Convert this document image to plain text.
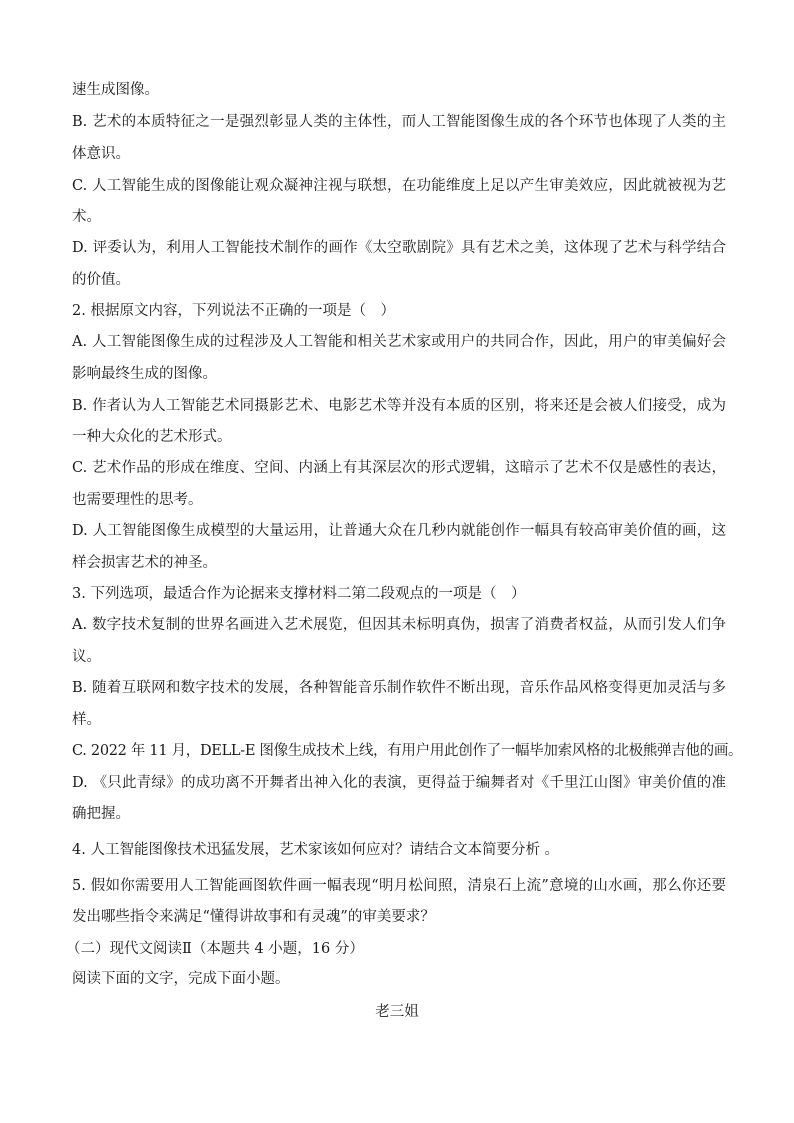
速生成图像。
B. 艺术的本质特征之一是强烈彰显人类的主体性，而人工智能图像生成的各个环节也体现了人类的主
体意识。
C. 人工智能生成的图像能让观众凝神注视与联想，在功能维度上足以产生审美效应，因此就被视为艺
术。
D. 评委认为，利用人工智能技术制作的画作《太空歌剧院》具有艺术之美，这体现了艺术与科学结合
的价值。
2. 根据原文内容，下列说法不正确的一项是（　）
A. 人工智能图像生成的过程涉及人工智能和相关艺术家或用户的共同合作，因此，用户的审美偏好会
影响最终生成的图像。
B. 作者认为人工智能艺术同摄影艺术、电影艺术等并没有本质的区别，将来还是会被人们接受，成为
一种大众化的艺术形式。
C. 艺术作品的形成在维度、空间、内涵上有其深层次的形式逻辑，这暗示了艺术不仅是感性的表达，
也需要理性的思考。
D. 人工智能图像生成模型的大量运用，让普通大众在几秒内就能创作一幅具有较高审美价值的画，这
样会损害艺术的神圣。
3. 下列选项，最适合作为论据来支撑材料二第二段观点的一项是（　）
A. 数字技术复制的世界名画进入艺术展览，但因其未标明真伪，损害了消费者权益，从而引发人们争
议。
B. 随着互联网和数字技术的发展，各种智能音乐制作软件不断出现，音乐作品风格变得更加灵活与多
样。
C. 2022 年 11 月，DELL-E 图像生成技术上线，有用户用此创作了一幅毕加索风格的北极熊弹吉他的画。
D. 《只此青绿》的成功离不开舞者出神入化的表演，更得益于编舞者对《千里江山图》审美价值的准
确把握。
4. 人工智能图像技术迅猛发展，艺术家该如何应对？请结合文本简要分析 。
5. 假如你需要用人工智能画图软件画一幅表现“明月松间照，清泉石上流”意境的山水画，那么你还要
发出哪些指令来满足“懂得讲故事和有灵魂”的审美要求？
（二）现代文阅读Ⅱ（本题共 4 小题，16 分）
阅读下面的文字，完成下面小题。
老三姐
